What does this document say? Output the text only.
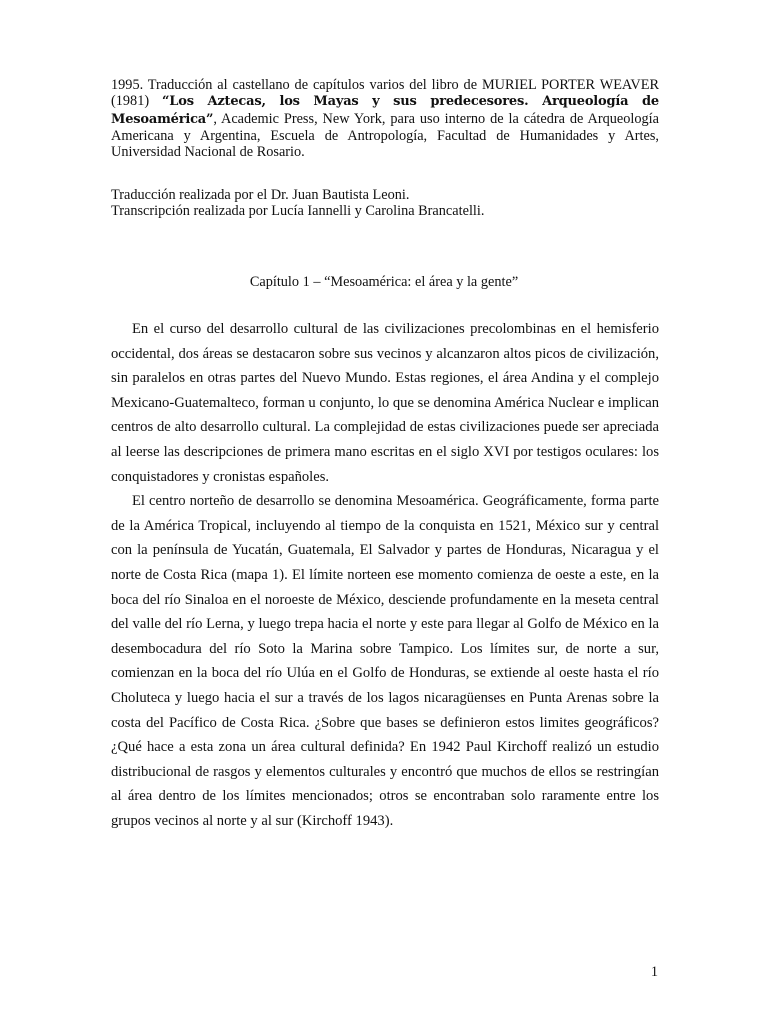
1995. Traducción al castellano de capítulos varios del libro de MURIEL PORTER WEAVER (1981) “Los Aztecas, los Mayas y sus predecesores. Arqueología de Mesoamérica”, Academic Press, New York, para uso interno de la cátedra de Arqueología Americana y Argentina, Escuela de Antropología, Facultad de Humanidades y Artes, Universidad Nacional de Rosario.
Traducción realizada por el Dr. Juan Bautista Leoni.
Transcripción realizada por Lucía Iannelli y Carolina Brancatelli.
Capítulo 1 – “Mesoamérica: el área y la gente”

En el curso del desarrollo cultural de las civilizaciones precolombinas en el hemisferio occidental, dos áreas se destacaron sobre sus vecinos y alcanzaron altos picos de civilización, sin paralelos en otras partes del Nuevo Mundo. Estas regiones, el área Andina y el complejo Mexicano-Guatemalteco, forman u conjunto, lo que se denomina América Nuclear e implican centros de alto desarrollo cultural. La complejidad de estas civilizaciones puede ser apreciada al leerse las descripciones de primera mano escritas en el siglo XVI por testigos oculares: los conquistadores y cronistas españoles.

El centro norteño de desarrollo se denomina Mesoamérica. Geográficamente, forma parte de la América Tropical, incluyendo al tiempo de la conquista en 1521, México sur y central con la península de Yucatán, Guatemala, El Salvador y partes de Honduras, Nicaragua y el norte de Costa Rica (mapa 1). El límite norteen ese momento comienza de oeste a este, en la boca del río Sinaloa en el noroeste de México, desciende profundamente en la meseta central del valle del río Lerna, y luego trepa hacia el norte y este para llegar al Golfo de México en la desembocadura del río Soto la Marina sobre Tampico. Los límites sur, de norte a sur, comienzan en la boca del río Ulúa en el Golfo de Honduras, se extiende al oeste hasta el río Choluteca y luego hacia el sur a través de los lagos nicaragüenses en Punta Arenas sobre la costa del Pacífico de Costa Rica. ¿Sobre que bases se definieron estos limites geográficos? ¿Qué hace a esta zona un área cultural definida? En 1942 Paul Kirchoff realizó un estudio distribucional de rasgos y elementos culturales y encontró que muchos de ellos se restringían al área dentro de los límites mencionados; otros se encontraban solo raramente entre los grupos vecinos al norte y al sur (Kirchoff 1943).

1
